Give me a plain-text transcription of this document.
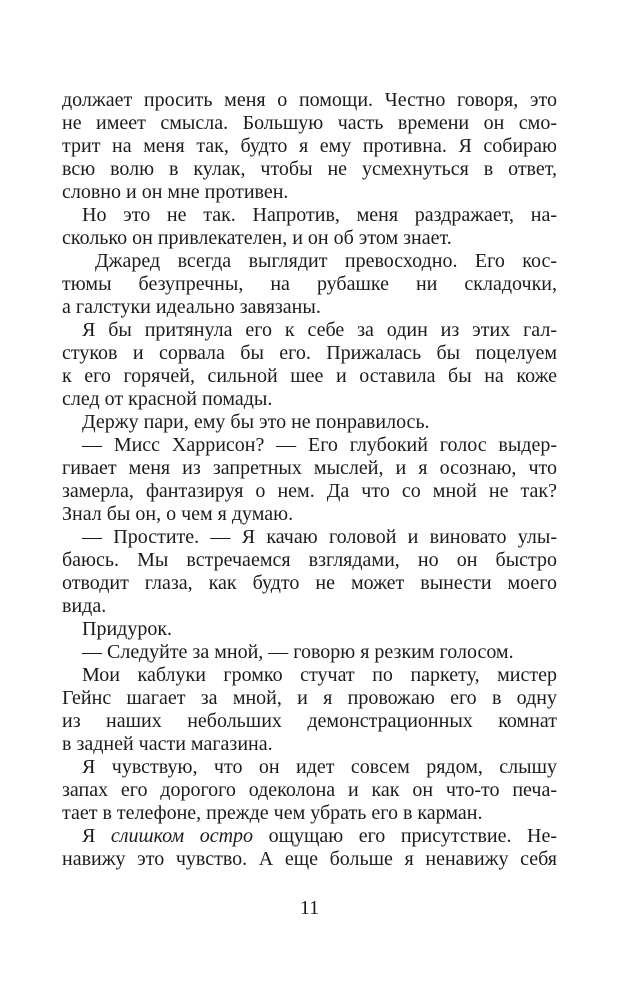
должает просить меня о помощи. Честно говоря, это
не имеет смысла. Большую часть времени он смо-
трит на меня так, будто я ему противна. Я собираю
всю волю в кулак, чтобы не усмехнуться в ответ,
словно и он мне противен.
Но это не так. Напротив, меня раздражает, на-
сколько он привлекателен, и он об этом знает.
Джаред всегда выглядит превосходно. Его кос-
тюмы безупречны, на рубашке ни складочки,
а галстуки идеально завязаны.
Я бы притянула его к себе за один из этих гал-
стуков и сорвала бы его. Прижалась бы поцелуем
к его горячей, сильной шее и оставила бы на коже
след от красной помады.
Держу пари, ему бы это не понравилось.
— Мисс Харрисон? — Его глубокий голос выдер-
гивает меня из запретных мыслей, и я осознаю, что
замерла, фантазируя о нем. Да что со мной не так?
Знал бы он, о чем я думаю.
— Простите. — Я качаю головой и виновато улы-
баюсь. Мы встречаемся взглядами, но он быстро
отводит глаза, как будто не может вынести моего
вида.
Придурок.
— Следуйте за мной, — говорю я резким голосом.
Мои каблуки громко стучат по паркету, мистер
Гейнс шагает за мной, и я провожаю его в одну
из наших небольших демонстрационных комнат
в задней части магазина.
Я чувствую, что он идет совсем рядом, слышу
запах его дорогого одеколона и как он что-то печа-
тает в телефоне, прежде чем убрать его в карман.
Я слишком остро ощущаю его присутствие. Не-
навижу это чувство. А еще больше я ненавижу себя
11
